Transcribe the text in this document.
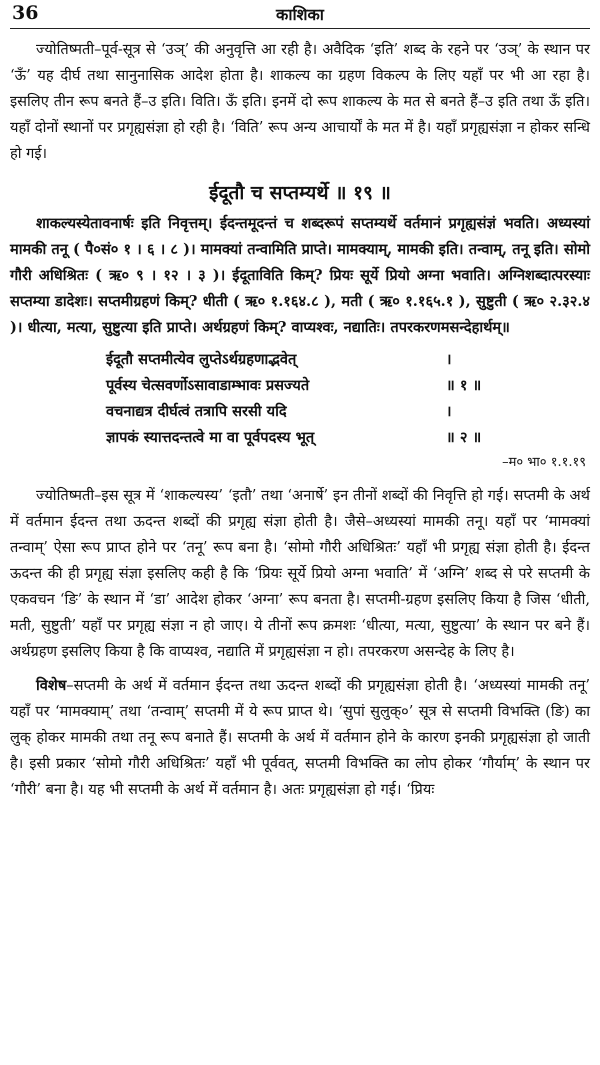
36	काशिका

ज्योतिष्मती–पूर्व-सूत्र से ‘उञ्’ की अनुवृत्ति आ रही है। अवैदिक ‘इति’ शब्द के रहने पर ‘उञ्’ के स्थान पर ‘ऊँ’ यह दीर्घ तथा सानुनासिक आदेश होता है। शाकल्य का ग्रहण विकल्प के लिए यहाँ पर भी आ रहा है। इसलिए तीन रूप बनते हैं–उ इति। विति। ऊँ इति। इनमें दो रूप शाकल्य के मत से बनते हैं–उ इति तथा ऊँ इति। यहाँ दोनों स्थानों पर प्रगृह्यसंज्ञा हो रही है। ‘विति’ रूप अन्य आचार्यों के मत में है। यहाँ प्रगृह्यसंज्ञा न होकर सन्धि हो गई।

ईदूतौ च सप्तम्यर्थे ॥ १९ ॥

शाकल्यस्येतावनार्षः इति निवृत्तम्। ईदन्तमूदन्तं च शब्दरूपं सप्तम्यर्थे वर्तमानं प्रगृह्यसंज्ञं भवति। अध्यस्यां मामकी तनू ( पै०सं० १ । ६ । ८ )। मामक्यां तन्वामिति प्राप्ते। मामक्याम्, मामकी इति। तन्वाम्, तनू इति। सोमो गौरी अधिश्रितः ( ऋ० ९ । १२ । ३ )। ईदूताविति किम्? प्रियः सूर्ये प्रियो अग्ना भवाति। अग्निशब्दात्परस्याः सप्तम्या डादेशः। सप्तमीग्रहणं किम्? धीती ( ऋ० १.१६४.८ ), मती ( ऋ० १.१६५.१ ), सुष्टुती ( ऋ० २.३२.४ )। धीत्या, मत्या, सुष्टुत्या इति प्राप्ते। अर्थग्रहणं किम्? वाप्यश्वः, नद्यातिः। तपरकरणमसन्देहार्थम्॥

ईदूतौ सप्तमीत्येव लुप्तेऽर्थग्रहणाद्भवेत्	।
पूर्वस्य चेत्सवर्णोऽसावाडाम्भावः प्रसज्यते	॥ १ ॥
वचनाद्यत्र दीर्घत्वं तत्रापि सरसी यदि	।
ज्ञापकं स्यात्तदन्तत्वे मा वा पूर्वपदस्य भूत्	॥ २ ॥
–म० भा० १.१.१९

ज्योतिष्मती–इस सूत्र में ‘शाकल्यस्य’ ‘इतौ’ तथा ‘अनार्षे’ इन तीनों शब्दों की निवृत्ति हो गई। सप्तमी के अर्थ में वर्तमान ईदन्त तथा ऊदन्त शब्दों की प्रगृह्य संज्ञा होती है। जैसे–अध्यस्यां मामकी तनू। यहाँ पर ‘मामक्यां तन्वाम्’ ऐसा रूप प्राप्त होने पर ‘तनू’ रूप बना है। ‘सोमो गौरी अधिश्रितः’ यहाँ भी प्रगृह्य संज्ञा होती है। ईदन्त ऊदन्त की ही प्रगृह्य संज्ञा इसलिए कही है कि ‘प्रियः सूर्ये प्रियो अग्ना भवाति’ में ‘अग्नि’ शब्द से परे सप्तमी के एकवचन ‘ङि’ के स्थान में ‘डा’ आदेश होकर ‘अग्ना’ रूप बनता है। सप्तमी-ग्रहण इसलिए किया है जिस ‘धीती, मती, सुष्टुती’ यहाँ पर प्रगृह्य संज्ञा न हो जाए। ये तीनों रूप क्रमशः ‘धीत्या, मत्या, सुष्टुत्या’ के स्थान पर बने हैं। अर्थग्रहण इसलिए किया है कि वाप्यश्व, नद्याति में प्रगृह्यसंज्ञा न हो। तपरकरण असन्देह के लिए है।

विशेष–सप्तमी के अर्थ में वर्तमान ईदन्त तथा ऊदन्त शब्दों की प्रगृह्यसंज्ञा होती है। ‘अध्यस्यां मामकी तनू’ यहाँ पर ‘मामक्याम्’ तथा ‘तन्वाम्’ सप्तमी में ये रूप प्राप्त थे। ‘सुपां सुलुक्०’ सूत्र से सप्तमी विभक्ति (ङि) का लुक् होकर मामकी तथा तनू रूप बनाते हैं। सप्तमी के अर्थ में वर्तमान होने के कारण इनकी प्रगृह्यसंज्ञा हो जाती है। इसी प्रकार ‘सोमो गौरी अधिश्रितः’ यहाँ भी पूर्ववत्, सप्तमी विभक्ति का लोप होकर ‘गौर्याम्’ के स्थान पर ‘गौरी’ बना है। यह भी सप्तमी के अर्थ में वर्तमान है। अतः प्रगृह्यसंज्ञा हो गई। ‘प्रियः
